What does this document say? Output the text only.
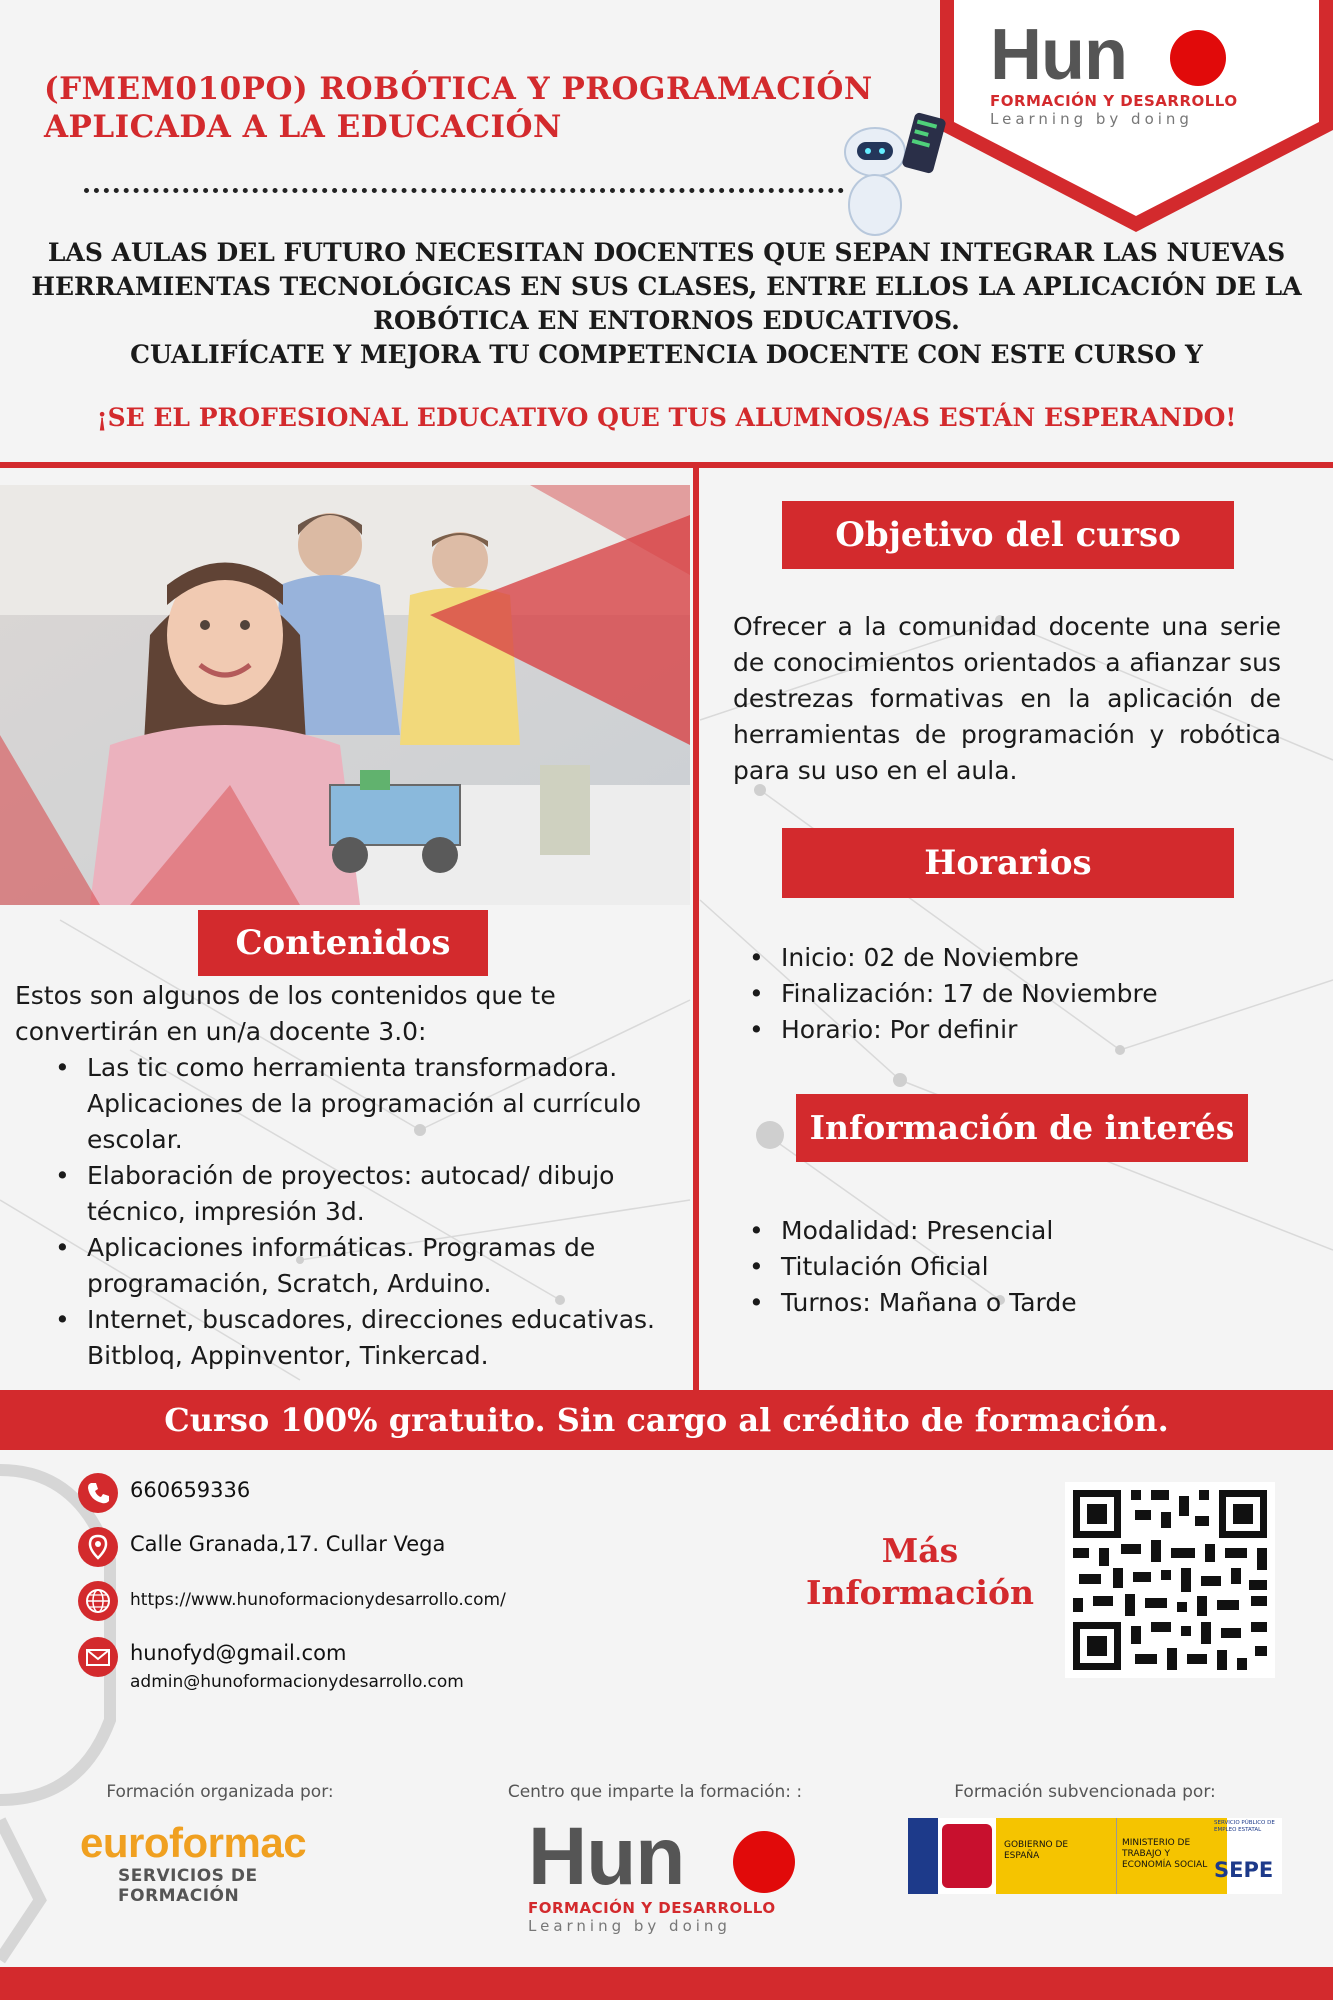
Hun
FORMACIÓN Y DESARROLLO
Learning by doing
(FMEM010PO) ROBÓTICA Y PROGRAMACIÓN
APLICADA A LA EDUCACIÓN
LAS AULAS DEL FUTURO NECESITAN DOCENTES QUE SEPAN INTEGRAR LAS NUEVAS
HERRAMIENTAS TECNOLÓGICAS EN SUS CLASES, ENTRE ELLOS LA APLICACIÓN DE LA
ROBÓTICA EN ENTORNOS EDUCATIVOS.
CUALIFÍCATE Y MEJORA TU COMPETENCIA DOCENTE CON ESTE CURSO Y
¡SE EL PROFESIONAL EDUCATIVO QUE TUS ALUMNOS/AS ESTÁN ESPERANDO!
Objetivo del curso
Ofrecer a la comunidad docente una serie de conocimientos orientados a afianzar sus destrezas formativas en la aplicación de herramientas de programación y robótica para su uso en el aula.
Horarios
• Inicio: 02 de Noviembre
• Finalización: 17 de Noviembre
• Horario: Por definir
Información de interés
• Modalidad: Presencial
• Titulación Oficial
• Turnos: Mañana o Tarde
Contenidos
Estos son algunos de los contenidos que te convertirán en un/a docente 3.0:
• Las tic como herramienta transformadora. Aplicaciones de la programación al currículo escolar.
• Elaboración de proyectos: autocad/ dibujo técnico, impresión 3d.
• Aplicaciones informáticas. Programas de programación, Scratch, Arduino.
• Internet, buscadores, direcciones educativas. Bitbloq, Appinventor, Tinkercad.
Curso 100% gratuito. Sin cargo al crédito de formación.
660659336
Calle Granada,17. Cullar Vega
https://www.hunoformacionydesarrollo.com/
hunofyd@gmail.com
admin@hunoformacionydesarrollo.com
Más
Información
Formación organizada por:	Centro que imparte la formación: :	Formación subvencionada por:
euroformac
SERVICIOS DE FORMACIÓN	Hun
FORMACIÓN Y DESARROLLO
Learning by doing
GOBIERNO DE ESPAÑA
MINISTERIO DE TRABAJO Y ECONOMÍA SOCIAL
SERVICIO PÚBLICO DE EMPLEO ESTATAL
SEPE
